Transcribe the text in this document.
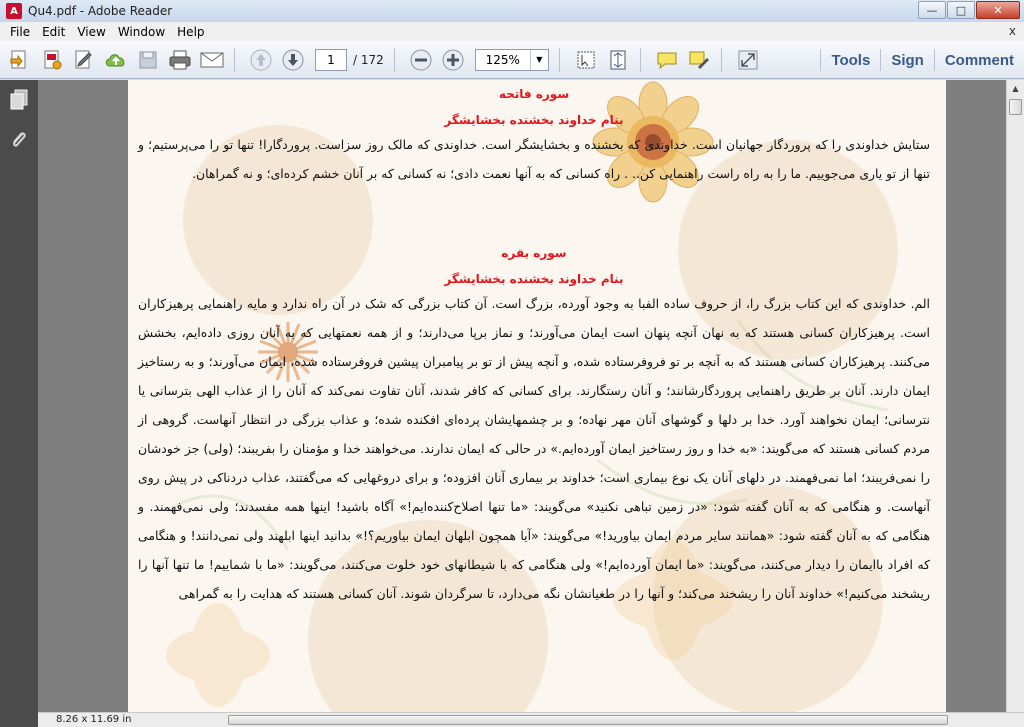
A Qu4.pdf - Adobe Reader	—	□	✕
File	Edit	View	Window	Help	x
1	/ 172	125%	▼	Tools	Sign	Comment
سوره فاتحه
بنام خداوند بخشنده بخشایشگر

ستایش خداوندی را که پروردگار جهانیان است. خداوندی که بخشنده و بخشایشگر است. خداوندی که مالک روز سزاست. پروردگارا! تنها تو را می‌پرستیم؛ و تنها از تو یاری می‌جوییم. ما را به راه راست راهنمایی کن.. . راه کسانی که به آنها نعمت دادی؛ نه کسانی که بر آنان خشم کرده‌ای؛ و نه گمراهان.

سوره بقره
بنام خداوند بخشنده بخشایشگر

الم. خداوندی که این کتاب بزرگ را، از حروف ساده الفبا به وجود آورده، بزرگ است. آن کتاب بزرگی که شک در آن راه ندارد و مایه راهنمایی پرهیزکاران است. پرهیزکاران کسانی هستند که به نهان آنچه پنهان است ایمان می‌آورند؛ و نماز برپا می‌دارند؛ و از همه نعمتهایی که به آنان روزی داده‌ایم، بخشش می‌کنند. پرهیزکاران کسانی هستند که به آنچه بر تو فروفرستاده شده، و آنچه پیش از تو بر پیامبران پیشین فروفرستاده شده، ایمان می‌آورند؛ و به رستاخیز ایمان دارند. آنان بر طریق راهنمایی پروردگارشانند؛ و آنان رستگارند. برای کسانی که کافر شدند، آنان تفاوت نمی‌کند که آنان را از عذاب الهی بترسانی یا نترسانی؛ ایمان نخواهند آورد. خدا بر دلها و گوشهای آنان مهر نهاده؛ و بر چشمهایشان پرده‌ای افکنده شده؛ و عذاب بزرگی در انتظار آنهاست. گروهی از مردم کسانی هستند که می‌گویند: «به خدا و روز رستاخیز ایمان آورده‌ایم.» در حالی که ایمان ندارند. می‌خواهند خدا و مؤمنان را بفریبند؛ (ولی) جز خودشان را نمی‌فریبند؛ اما نمی‌فهمند. در دلهای آنان یک نوع بیماری است؛ خداوند بر بیماری آنان افزوده؛ و برای دروغهایی که می‌گفتند، عذاب دردناکی در پیش روی آنهاست. و هنگامی که به آنان گفته شود: «در زمین تباهی نکنید» می‌گویند: «ما تنها اصلاح‌کننده‌ایم!» آگاه باشید! اینها همه مفسدند؛ ولی نمی‌فهمند. و هنگامی که به آنان گفته شود: «همانند سایر مردم ایمان بیاورید!» می‌گویند: «آیا همچون ابلهان ایمان بیاوریم؟!» بدانید اینها ابلهند ولی نمی‌دانند! و هنگامی که افراد باایمان را دیدار می‌کنند، می‌گویند: «ما ایمان آورده‌ایم!» ولی هنگامی که با شیطانهای خود خلوت می‌کنند، می‌گویند: «ما با شماییم! ما تنها آنها را ریشخند می‌کنیم!» خداوند آنان را ریشخند می‌کند؛ و آنها را در طغیانشان نگه می‌دارد، تا سرگردان شوند. آنان کسانی هستند که هدایت را به گمراهی

▲
8.26 x 11.69 in
